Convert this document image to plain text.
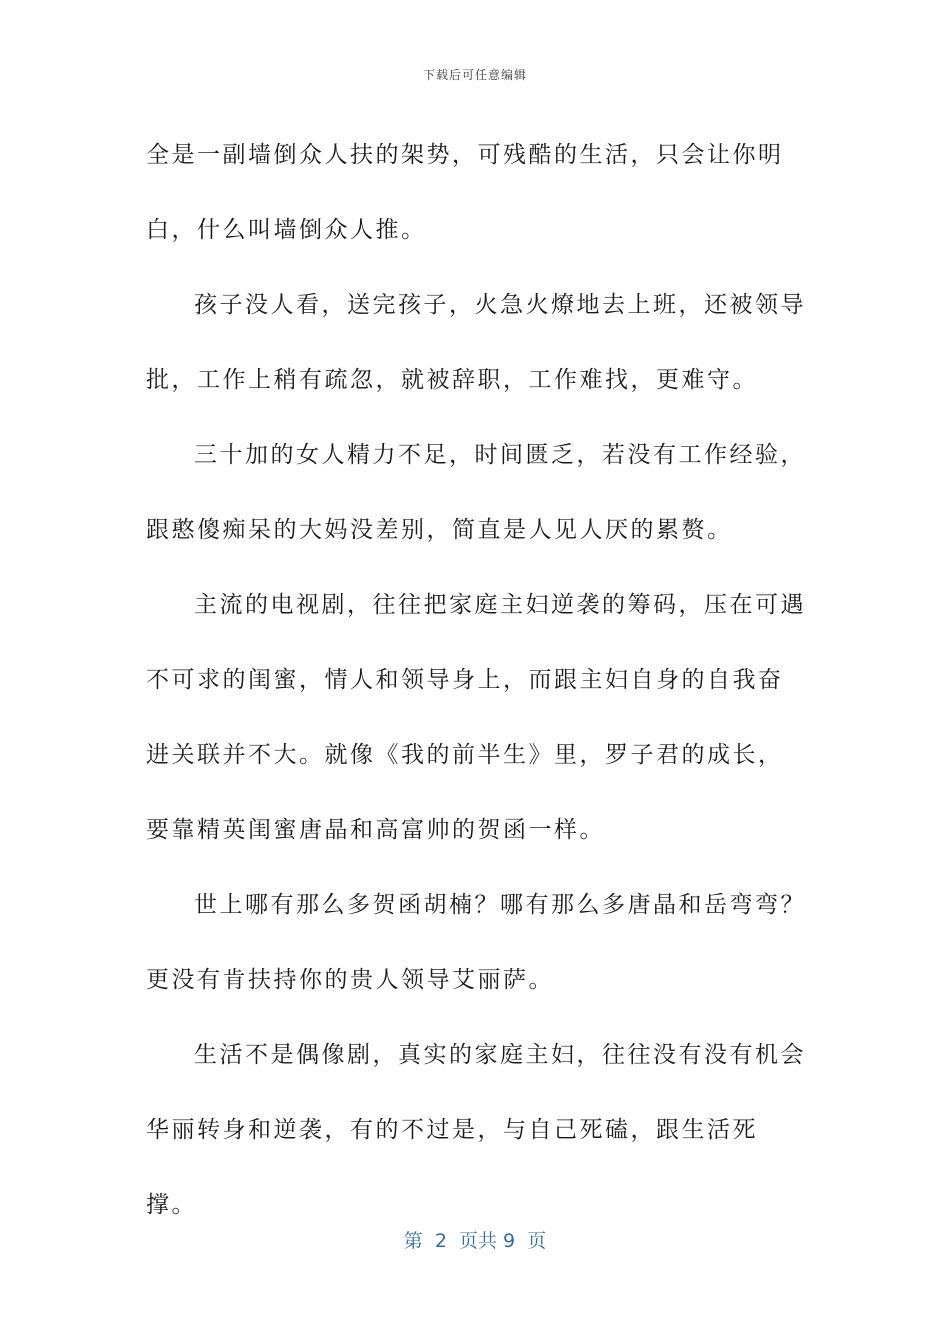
下载后可任意编辑

全是一副墙倒众人扶的架势，可残酷的生活，只会让你明白，什么叫墙倒众人推。

孩子没人看，送完孩子，火急火燎地去上班，还被领导批，工作上稍有疏忽，就被辞职，工作难找，更难守。

三十加的女人精力不足，时间匮乏，若没有工作经验，跟憨傻痴呆的大妈没差别，简直是人见人厌的累赘。

主流的电视剧，往往把家庭主妇逆袭的筹码，压在可遇不可求的闺蜜，情人和领导身上，而跟主妇自身的自我奋进关联并不大。就像《我的前半生》里，罗子君的成长，要靠精英闺蜜唐晶和高富帅的贺函一样。

世上哪有那么多贺函胡楠？哪有那么多唐晶和岳弯弯？更没有肯扶持你的贵人领导艾丽萨。

生活不是偶像剧，真实的家庭主妇，往往没有没有机会华丽转身和逆袭，有的不过是，与自己死磕，跟生活死撑。

第  2  页共 9  页
